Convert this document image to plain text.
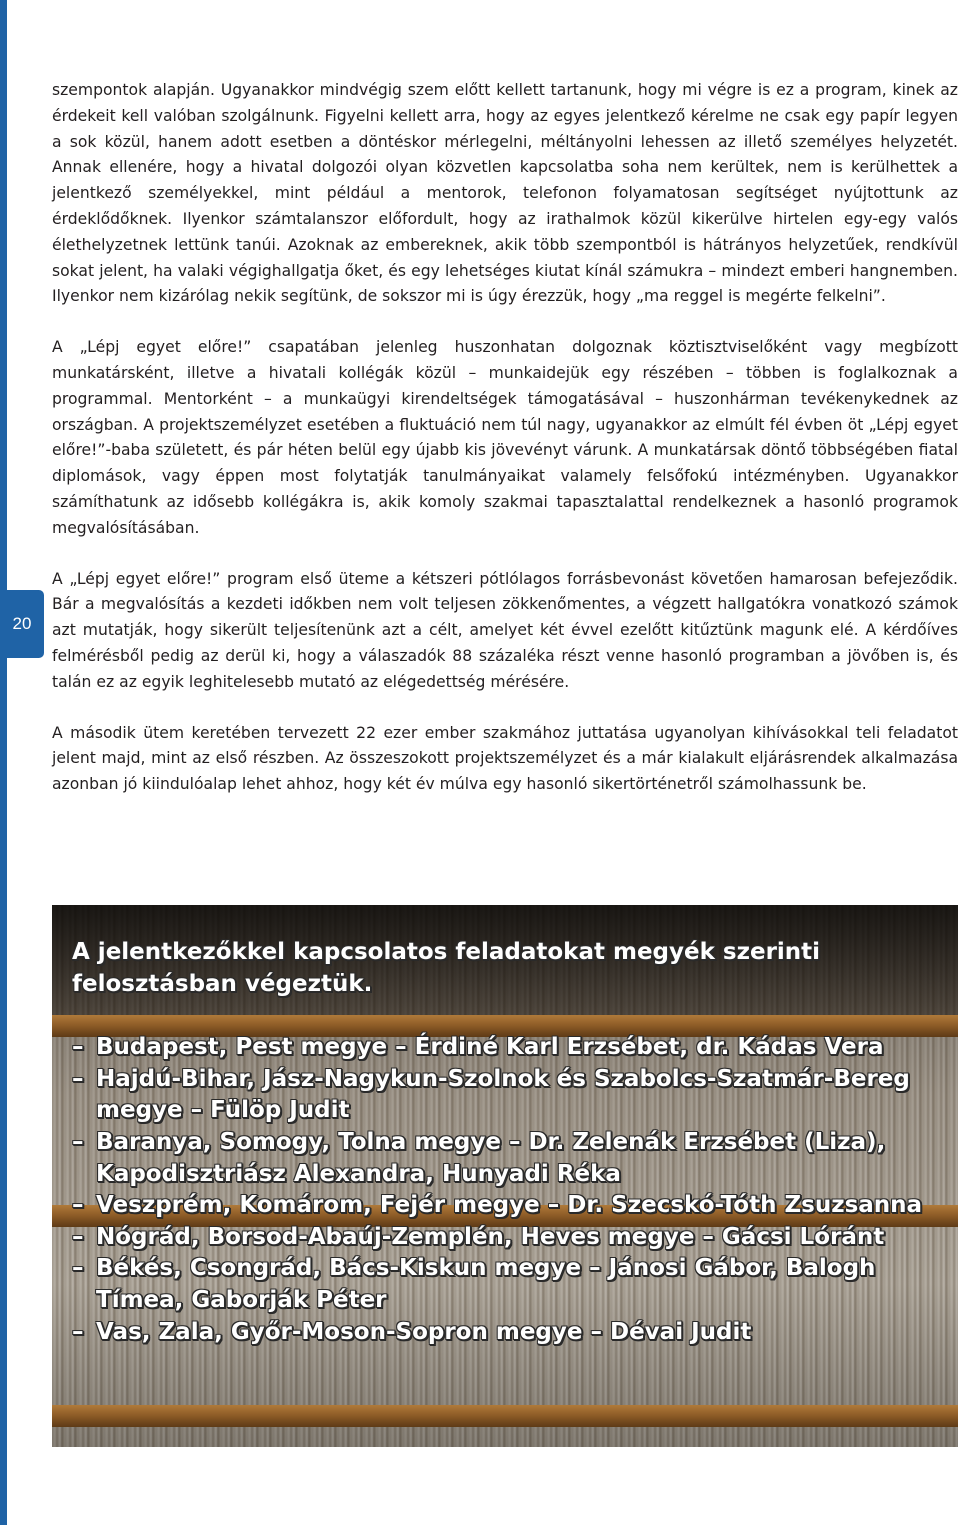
20

szempontok alapján. Ugyanakkor mindvégig szem előtt kellett tartanunk, hogy mi végre is ez a program, kinek az érdekeit kell valóban szolgálnunk. Figyelni kellett arra, hogy az egyes jelentkező kérelme ne csak egy papír legyen a sok közül, hanem adott esetben a döntéskor mérlegelni, méltányolni lehessen az illető személyes helyzetét. Annak ellenére, hogy a hivatal dolgozói olyan közvetlen kapcsolatba soha nem kerültek, nem is kerülhettek a jelentkező személyekkel, mint például a mentorok, telefonon folyamatosan segítséget nyújtottunk az érdeklődőknek. Ilyenkor számtalanszor előfordult, hogy az irathalmok közül kikerülve hirtelen egy-egy valós élethelyzetnek lettünk tanúi. Azoknak az embereknek, akik több szempontból is hátrányos helyzetűek, rendkívül sokat jelent, ha valaki végighallgatja őket, és egy lehetséges kiutat kínál számukra – mindezt emberi hangnemben. Ilyenkor nem kizárólag nekik segítünk, de sokszor mi is úgy érezzük, hogy „ma reggel is megérte felkelni”.

A „Lépj egyet előre!” csapatában jelenleg huszonhatan dolgoznak köztisztviselőként vagy megbízott munkatársként, illetve a hivatali kollégák közül – munkaidejük egy részében – többen is foglalkoznak a programmal. Mentorként – a munkaügyi kirendeltségek támogatásával – huszonhárman tevékenykednek az országban. A projektszemélyzet esetében a fluktuáció nem túl nagy, ugyanakkor az elmúlt fél évben öt „Lépj egyet előre!”-baba született, és pár héten belül egy újabb kis jövevényt várunk. A munkatársak döntő többségében fiatal diplomások, vagy éppen most folytatják tanulmányaikat valamely felsőfokú intézményben. Ugyanakkor számíthatunk az idősebb kollégákra is, akik komoly szakmai tapasztalattal rendelkeznek a hasonló programok megvalósításában.

A „Lépj egyet előre!” program első üteme a kétszeri pótlólagos forrásbevonást követően hamarosan befejeződik. Bár a megvalósítás a kezdeti időkben nem volt teljesen zökkenőmentes, a végzett hallgatókra vonatkozó számok azt mutatják, hogy sikerült teljesítenünk azt a célt, amelyet két évvel ezelőtt kitűztünk magunk elé. A kérdőíves felmérésből pedig az derül ki, hogy a válaszadók 88 százaléka részt venne hasonló programban a jövőben is, és talán ez az egyik leghitelesebb mutató az elégedettség mérésére.

A második ütem keretében tervezett 22 ezer ember szakmához juttatása ugyanolyan kihívásokkal teli feladatot jelent majd, mint az első részben. Az összeszokott projektszemélyzet és a már kialakult eljárásrendek alkalmazása azonban jó kiindulóalap lehet ahhoz, hogy két év múlva egy hasonló sikertörténetről számolhassunk be.

A jelentkezőkkel kapcsolatos feladatokat megyék szerinti felosztásban végeztük.
– Budapest, Pest megye – Érdiné Karl Erzsébet, dr. Kádas Vera
– Hajdú-Bihar, Jász-Nagykun-Szolnok és Szabolcs-Szatmár-Bereg megye – Fülöp Judit
– Baranya, Somogy, Tolna megye – Dr. Zelenák Erzsébet (Liza), Kapodisztriász Alexandra, Hunyadi Réka
– Veszprém, Komárom, Fejér megye – Dr. Szecskó-Tóth Zsuzsanna
– Nógrád, Borsod-Abaúj-Zemplén, Heves megye – Gácsi Lóránt
– Békés, Csongrád, Bács-Kiskun megye – Jánosi Gábor, Balogh Tímea, Gaborják Péter
– Vas, Zala, Győr-Moson-Sopron megye – Dévai Judit
